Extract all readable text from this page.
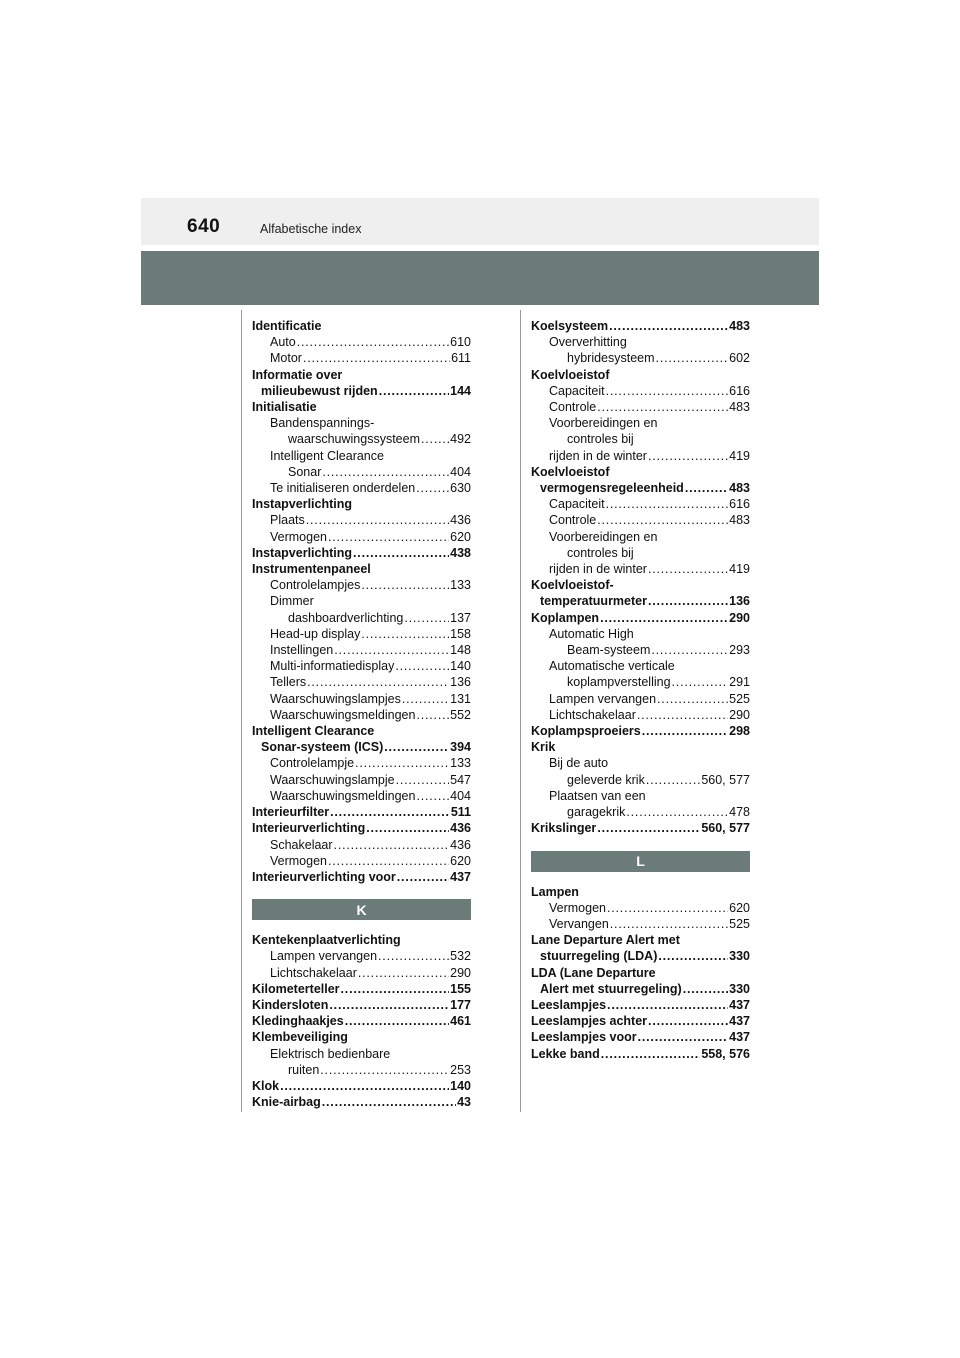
640	Alfabetische index
Identificatie
Auto .....	610
Motor .....	611
Informatie over
milieubewust rijden .....	144
Initialisatie
Bandenspannings-
waarschuwingssysteem ..... 492
Intelligent Clearance
Sonar .....	404
Te initialiseren onderdelen .....	630
Instapverlichting
Plaats .....	436
Vermogen .....	620
Instapverlichting .....	438
Instrumentenpaneel
Controlelampjes .....	133
Dimmer
dashboardverlichting .....	137
Head-up display .....	158
Instellingen .....	148
Multi-informatiedisplay .....	140
Tellers .....	136
Waarschuwingslampjes .....	131
Waarschuwingsmeldingen .....	552
Intelligent Clearance
Sonar-systeem (ICS) .....	394
Controlelampje .....	133
Waarschuwingslampje .....	547
Waarschuwingsmeldingen .....	404
Interieurfilter .....	511
Interieurverlichting .....	436
Schakelaar .....	436
Vermogen .....	620
Interieurverlichting voor .....	437
K
Kentekenplaatverlichting
Lampen vervangen .....	532
Lichtschakelaar .....	290
Kilometerteller .....	155
Kindersloten .....	177
Kledinghaakjes .....	461
Klembeveiliging
Elektrisch bedienbare
ruiten .....	253
Klok .....	140
Knie-airbag .....	43
Koelsysteem .....	483
Oververhitting
hybridesysteem .....	602
Koelvloeistof
Capaciteit .....	616
Controle .....	483
Voorbereidingen en
controles bij
rijden in de winter .....	419
Koelvloeistof
vermogensregeleenheid .....	483
Capaciteit .....	616
Controle .....	483
Voorbereidingen en
controles bij
rijden in de winter .....	419
Koelvloeistof-
temperatuurmeter .....	136
Koplampen .....	290
Automatic High
Beam-systeem .....	293
Automatische verticale
koplampverstelling .....	291
Lampen vervangen .....	525
Lichtschakelaar .....	290
Koplampsproeiers .....	298
Krik
Bij de auto
geleverde krik .....	560, 577
Plaatsen van een
garagekrik .....	478
Krikslinger .....	560, 577
L
Lampen
Vermogen .....	620
Vervangen .....	525
Lane Departure Alert met
stuurregeling (LDA) .....	330
LDA (Lane Departure
Alert met stuurregeling) .....	330
Leeslampjes .....	437
Leeslampjes achter .....	437
Leeslampjes voor .....	437
Lekke band .....	558, 576
